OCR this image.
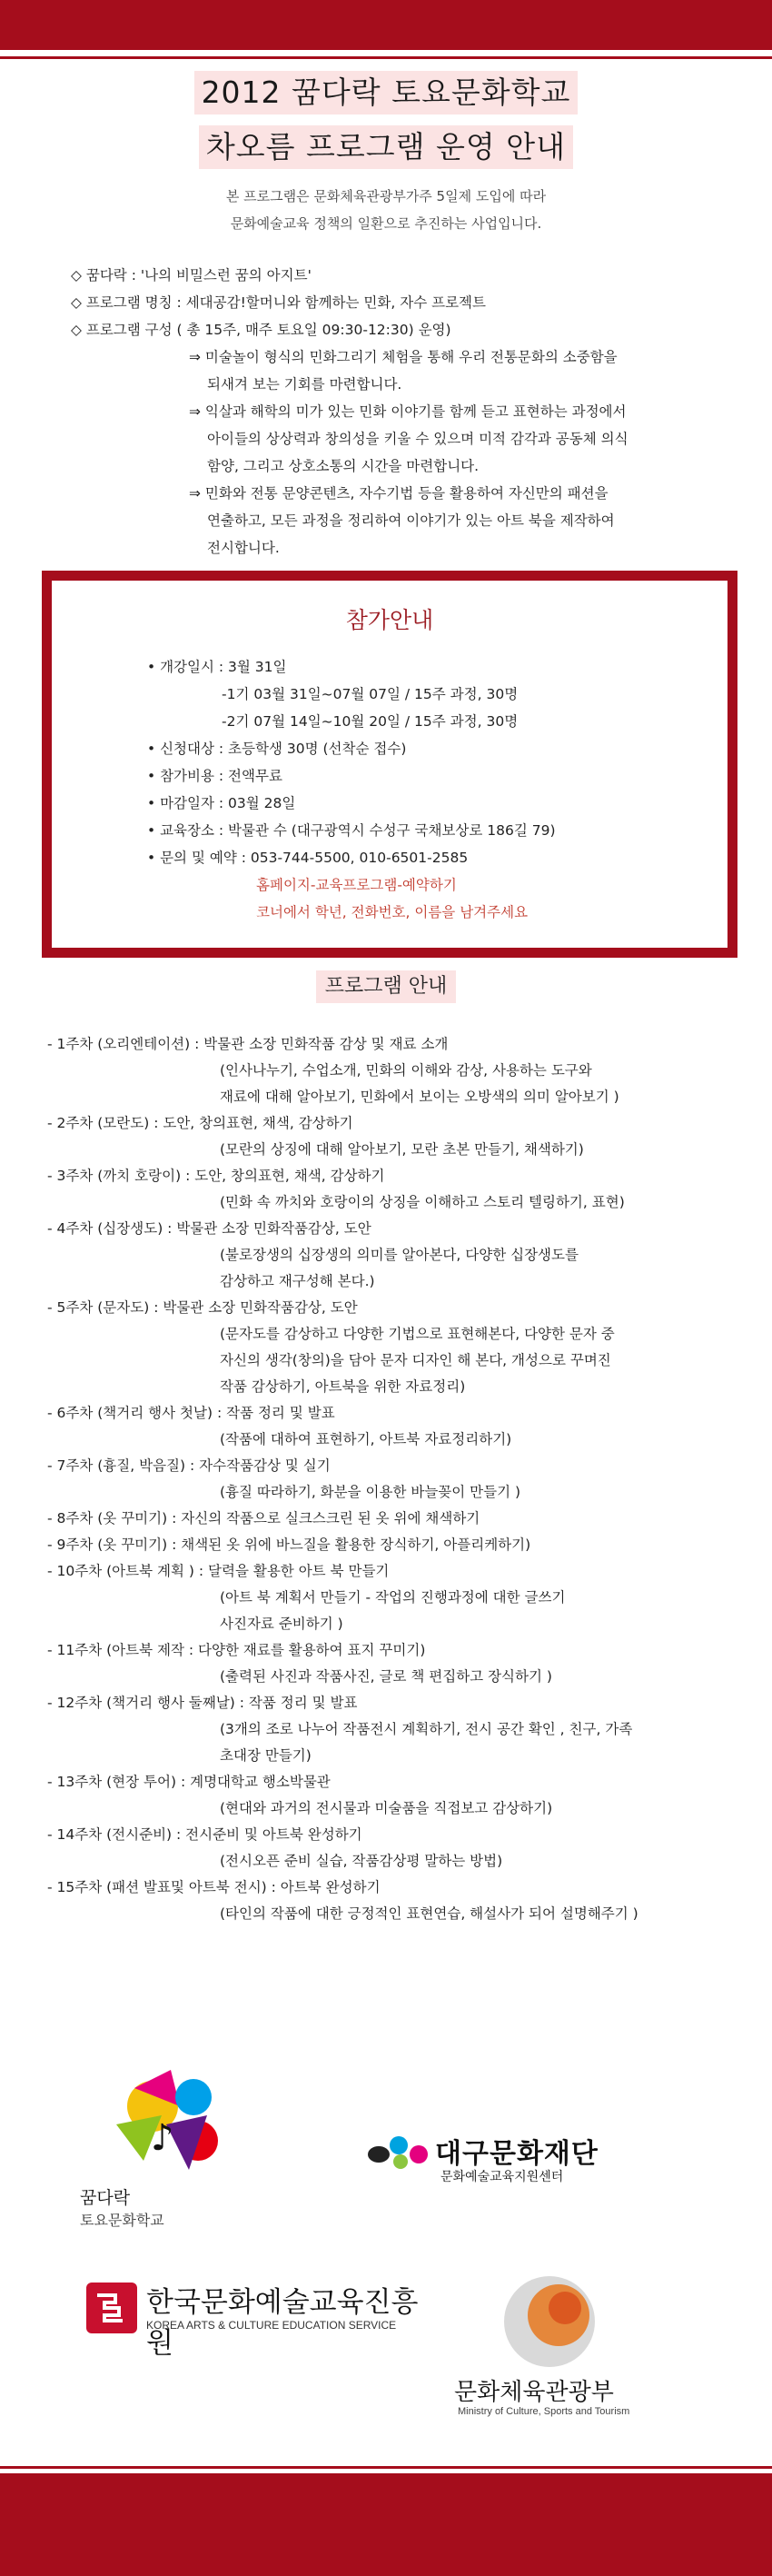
2012 꿈다락 토요문화학교
차오름 프로그램 운영 안내
본 프로그램은 문화체육관광부가주 5일제 도입에 따라
문화예술교육 정책의 일환으로 추진하는 사업입니다.
◇ 꿈다락 : '나의 비밀스런 꿈의 아지트'
◇ 프로그램 명칭 : 세대공감!할머니와 함께하는 민화, 자수 프로젝트
◇ 프로그램 구성 ( 총 15주, 매주 토요일 09:30-12:30) 운영)
⇒ 미술놀이 형식의 민화그리기 체험을 통해 우리 전통문화의 소중함을
되새겨 보는 기회를 마련합니다.
⇒ 익살과 해학의 미가 있는 민화 이야기를 함께 듣고 표현하는 과정에서
아이들의 상상력과 창의성을 키울 수 있으며 미적 감각과 공동체 의식
함양, 그리고 상호소통의 시간을 마련합니다.
⇒ 민화와 전통 문양콘텐츠, 자수기법 등을 활용하여 자신만의 패션을
연출하고, 모든 과정을 정리하여 이야기가 있는 아트 북을 제작하여
전시합니다.
참가안내
• 개강일시 : 3월 31일
-1기 03월 31일~07월 07일 / 15주 과정, 30명
-2기 07월 14일~10월 20일 / 15주 과정, 30명
• 신청대상 : 초등학생 30명 (선착순 접수)
• 참가비용 : 전액무료
• 마감일자 : 03월 28일
• 교육장소 : 박물관 수 (대구광역시 수성구 국채보상로 186길 79)
• 문의 및 예약 : 053-744-5500, 010-6501-2585
홈페이지-교육프로그램-예약하기
코너에서 학년, 전화번호, 이름을 남겨주세요
프로그램 안내
- 1주차 (오리엔테이션) : 박물관 소장 민화작품 감상 및 재료 소개
(인사나누기, 수업소개, 민화의 이해와 감상, 사용하는 도구와
재료에 대해 알아보기, 민화에서 보이는 오방색의 의미 알아보기 )
- 2주차 (모란도) : 도안, 창의표현, 채색, 감상하기
(모란의 상징에 대해 알아보기, 모란 초본 만들기, 채색하기)
- 3주차 (까치 호랑이) : 도안, 창의표현, 채색, 감상하기
(민화 속 까치와 호랑이의 상징을 이해하고 스토리 텔링하기, 표현)
- 4주차 (십장생도) : 박물관 소장 민화작품감상, 도안
(불로장생의 십장생의 의미를 알아본다, 다양한 십장생도를
감상하고 재구성해 본다.)
- 5주차 (문자도) : 박물관 소장 민화작품감상, 도안
(문자도를 감상하고 다양한 기법으로 표현해본다, 다양한 문자 중
자신의 생각(창의)을 담아 문자 디자인 해 본다, 개성으로 꾸며진
작품 감상하기, 아트북을 위한 자료정리)
- 6주차 (책거리 행사 첫날) : 작품 정리 및 발표
(작품에 대하여 표현하기, 아트북 자료정리하기)
- 7주차 (흉질, 박음질) : 자수작품감상 및 실기
(흉질 따라하기, 화분을 이용한 바늘꽂이 만들기 )
- 8주차 (옷 꾸미기) : 자신의 작품으로 실크스크린 된 옷 위에 채색하기
- 9주차 (옷 꾸미기) : 채색된 옷 위에 바느질을 활용한 장식하기, 아플리케하기)
- 10주차 (아트북 계획 ) : 달력을 활용한 아트 북 만들기
(아트 북 계획서 만들기 - 작업의 진행과정에 대한 글쓰기
사진자료 준비하기 )
- 11주차 (아트북 제작 : 다양한 재료를 활용하여 표지 꾸미기)
(출력된 사진과 작품사진, 글로 책 편집하고 장식하기 )
- 12주차 (책거리 행사 둘째날) : 작품 정리 및 발표
(3개의 조로 나누어 작품전시 계획하기, 전시 공간 확인 , 친구, 가족
초대장 만들기)
- 13주차 (현장 투어) : 계명대학교 행소박물관
(현대와 과거의 전시물과 미술품을 직접보고 감상하기)
- 14주차 (전시준비) : 전시준비 및 아트북 완성하기
(전시오픈 준비 실습, 작품감상평 말하는 방법)
- 15주차 (패션 발표및 아트북 전시) : 아트북 완성하기
(타인의 작품에 대한 긍정적인 표현연습, 해설사가 되어 설명해주기 )
♪
꿈다락
토요문화학교
대구문화재단
문화예술교육지원센터
한국문화예술교육진흥원
KOREA ARTS & CULTURE EDUCATION SERVICE
문화체육관광부
Ministry of Culture, Sports and Tourism
